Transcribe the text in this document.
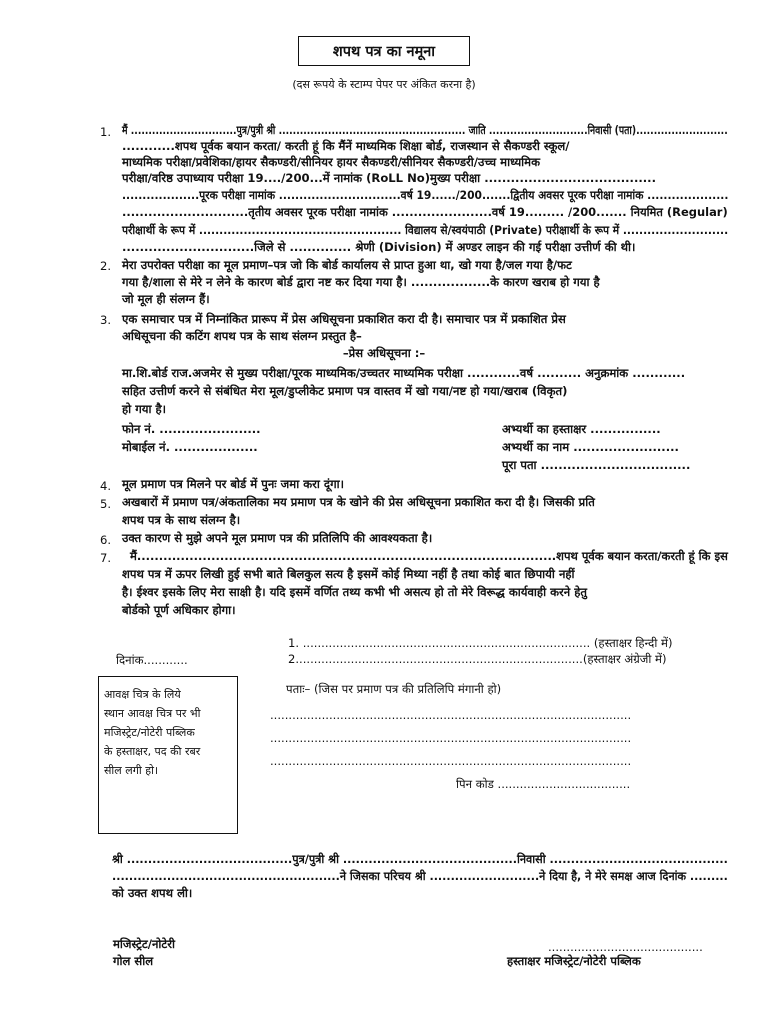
शपथ पत्र का नमूना
(दस रूपये के स्टाम्प पेपर पर अंकित करना है)
1. मैं ..............................पुत्र/पुत्री श्री ..................................................... जाति ............................निवासी (पता)..........................
............शपथ पूर्वक बयान करता/ करती हूं कि मैंनें माध्यमिक शिक्षा बोर्ड, राजस्थान से सैकण्डरी स्कूल/
माध्यमिक परीक्षा/प्रवेशिका/हायर सैकण्डरी/सीनियर हायर सैकण्डरी/सीनियर सैकण्डरी/उच्च माध्यमिक
परीक्षा/वरिष्ठ उपाध्याय परीक्षा 19..../200...में नामांक (RoLL No)मुख्य परीक्षा .......................................
...................पूरक परीक्षा नामांक ..............................वर्ष 19....../200.......द्वितीय अवसर पूरक परीक्षा नामांक ....................
.............................तृतीय अवसर पूरक परीक्षा नामांक .......................वर्ष 19......... /200....... नियमित (Regular)
परीक्षार्थी के रूप में .................................................. विद्यालय से/स्वयंपाठी (Private) परीक्षार्थी के रूप में ..........................
..............................जिले से .............. श्रेणी (Division) में अण्डर लाइन की गई परीक्षा उत्तीर्ण की थी।
2. मेरा उपरोक्त परीक्षा का मूल प्रमाण–पत्र जो कि बोर्ड कार्यालय से प्राप्त हुआ था, खो गया है/जल गया है/फट
गया है/शाला से मेरे न लेने के कारण बोर्ड द्वारा नष्ट कर दिया गया है। ..................के कारण खराब हो गया है
जो मूल ही संलग्न हैं।
3. एक समाचार पत्र में निम्नांकित प्रारूप में प्रेस अधिसूचना प्रकाशित करा दी है। समाचार पत्र में प्रकाशित प्रेस
अधिसूचना की कटिंग शपथ पत्र के साथ संलग्न प्रस्तुत है–
–प्रेस अधिसूचना :–
मा.शि.बोर्ड राज.अजमेर से मुख्य परीक्षा/पूरक माध्यमिक/उच्चतर माध्यमिक परीक्षा ............वर्ष .......... अनुक्रमांक ............
सहित उत्तीर्ण करने से संबंधित मेरा मूल/डुप्लीकेट प्रमाण पत्र वास्तव में खो गया/नष्ट हो गया/खराब (विकृत)
हो गया है।
फोन नं. .......................
मोबाईल नं. ...................
अभ्यर्थी का हस्ताक्षर ................
अभ्यर्थी का नाम ........................
पूरा पता ..................................
4. मूल प्रमाण पत्र मिलने पर बोर्ड में पुनः जमा करा दूंगा।
5. अखबारों में प्रमाण पत्र/अंकतालिका मय प्रमाण पत्र के खोने की प्रेस अधिसूचना प्रकाशित करा दी है। जिसकी प्रति
शपथ पत्र के साथ संलग्न है।
6. उक्त कारण से मुझे अपने मूल प्रमाण पत्र की प्रतिलिपि की आवश्यकता है।
7. मैं................................................................................................शपथ पूर्वक बयान करता/करती हूं कि इस
शपथ पत्र में ऊपर लिखी हुई सभी बाते बिलकुल सत्य है इसमें कोई मिथ्या नहीं है तथा कोई बात छिपायी नहीं
है। ईश्वर इसके लिए मेरा साक्षी है। यदि इसमें वर्णित तथ्य कभी भी असत्य हो तो मेरे विरूद्ध कार्यवाही करने हेतु
बोर्डको पूर्ण अधिकार होगा।
1. .............................................................................. (हस्ताक्षर हिन्दी में)
2..............................................................................(हस्ताक्षर अंग्रेजी में)
दिनांक............
आवक्ष चित्र के लिये
स्थान आवक्ष चित्र पर भी
मजिस्ट्रेट/नोटेरी पब्लिक
के हस्ताक्षर, पद की रबर
सील लगी हो।
पताः– (जिस पर प्रमाण पत्र की प्रतिलिपि मंगानी हो)
..................................................................................................
..................................................................................................
..................................................................................................
पिन कोड ....................................
श्री .......................................पुत्र/पुत्री श्री .........................................निवासी ..........................................
......................................................ने जिसका परिचय श्री ..........................ने दिया है, ने मेरे समक्ष आज दिनांक .........
को उक्त शपथ ली।
मजिस्ट्रेट/नोटेरी
गोल सील
..........................................
हस्ताक्षर मजिस्ट्रेट/नोटेरी पब्लिक
